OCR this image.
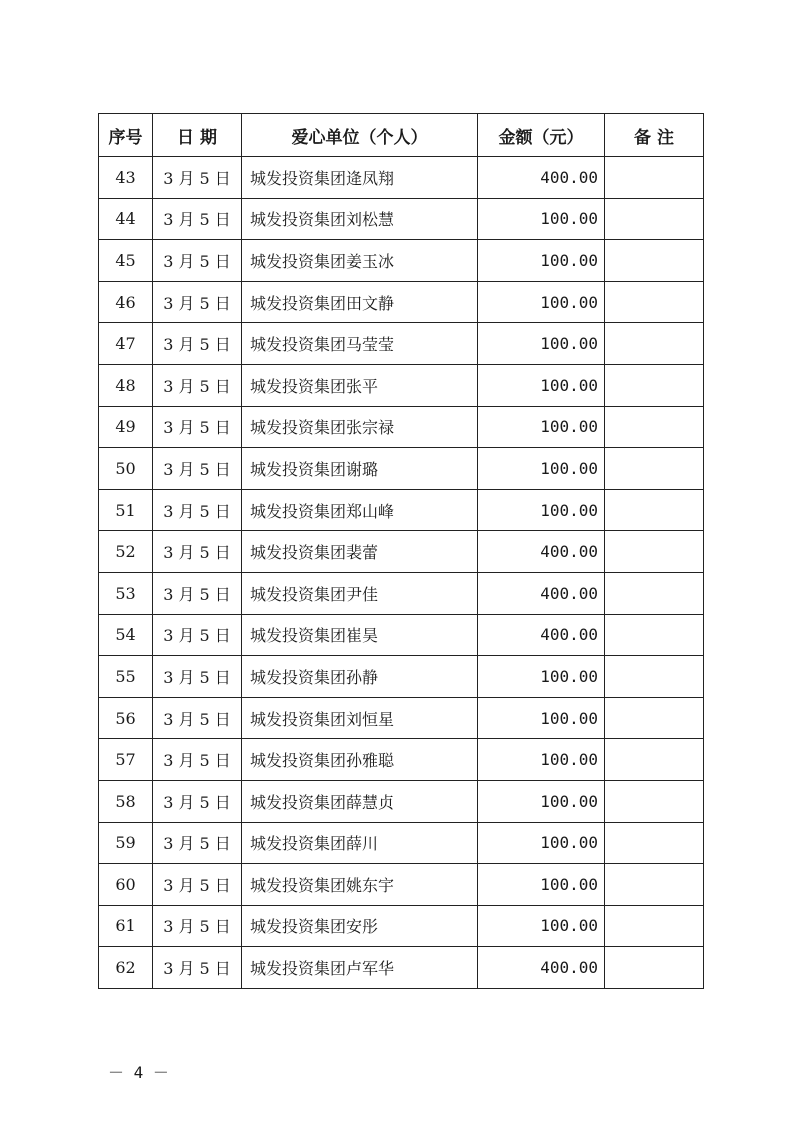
序号	日 期	爱心单位（个人）	金额（元）	备 注
43	3 月 5 日	城发投资集团逄凤翔	400.00	
44	3 月 5 日	城发投资集团刘松慧	100.00	
45	3 月 5 日	城发投资集团姜玉冰	100.00	
46	3 月 5 日	城发投资集团田文静	100.00	
47	3 月 5 日	城发投资集团马莹莹	100.00	
48	3 月 5 日	城发投资集团张平	100.00	
49	3 月 5 日	城发投资集团张宗禄	100.00	
50	3 月 5 日	城发投资集团谢璐	100.00	
51	3 月 5 日	城发投资集团郑山峰	100.00	
52	3 月 5 日	城发投资集团裴蕾	400.00	
53	3 月 5 日	城发投资集团尹佳	400.00	
54	3 月 5 日	城发投资集团崔昊	400.00	
55	3 月 5 日	城发投资集团孙静	100.00	
56	3 月 5 日	城发投资集团刘恒星	100.00	
57	3 月 5 日	城发投资集团孙雅聪	100.00	
58	3 月 5 日	城发投资集团薛慧贞	100.00	
59	3 月 5 日	城发投资集团薛川	100.00	
60	3 月 5 日	城发投资集团姚东宇	100.00	
61	3 月 5 日	城发投资集团安彤	100.00	
62	3 月 5 日	城发投资集团卢军华	400.00	
－ 4 －
